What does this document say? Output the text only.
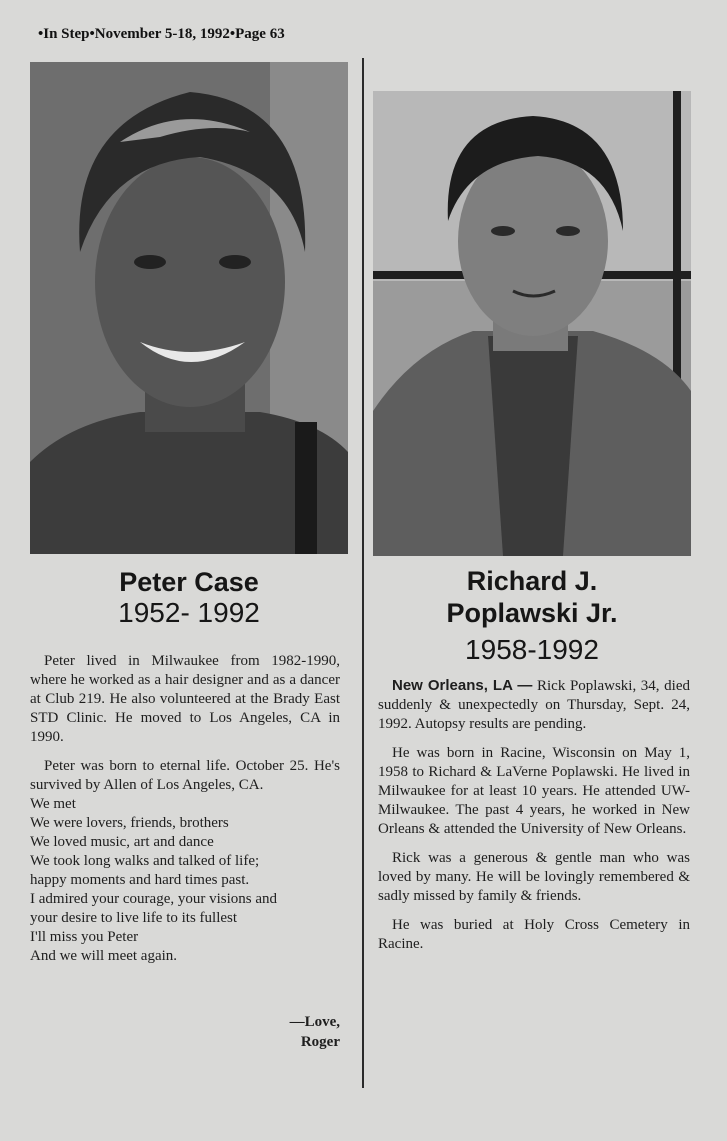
•In Step•November 5-18, 1992•Page 63
Peter Case
1952- 1992

Peter lived in Milwaukee from 1982-1990, where he worked as a hair designer and as a dancer at Club 219. He also volunteered at the Brady East STD Clinic. He moved to Los Angeles, CA in 1990.

Peter was born to eternal life. October 25. He's survived by Allen of Los Angeles, CA.

We met
We were lovers, friends, brothers
We loved music, art and dance
We took long walks and talked of life;
happy moments and hard times past.
I admired your courage, your visions and
your desire to live life to its fullest
I'll miss you Peter
And we will meet again.
—Love,
Roger
Richard J.
Poplawski Jr.
1958-1992

New Orleans, LA — Rick Poplawski, 34, died suddenly & unexpectedly on Thursday, Sept. 24, 1992. Autopsy results are pending.

He was born in Racine, Wisconsin on May 1, 1958 to Richard & LaVerne Poplawski. He lived in Milwaukee for at least 10 years. He attended UW-Milwaukee. The past 4 years, he worked in New Orleans & attended the University of New Orleans.

Rick was a generous & gentle man who was loved by many. He will be lovingly remembered & sadly missed by family & friends.

He was buried at Holy Cross Cemetery in Racine.
